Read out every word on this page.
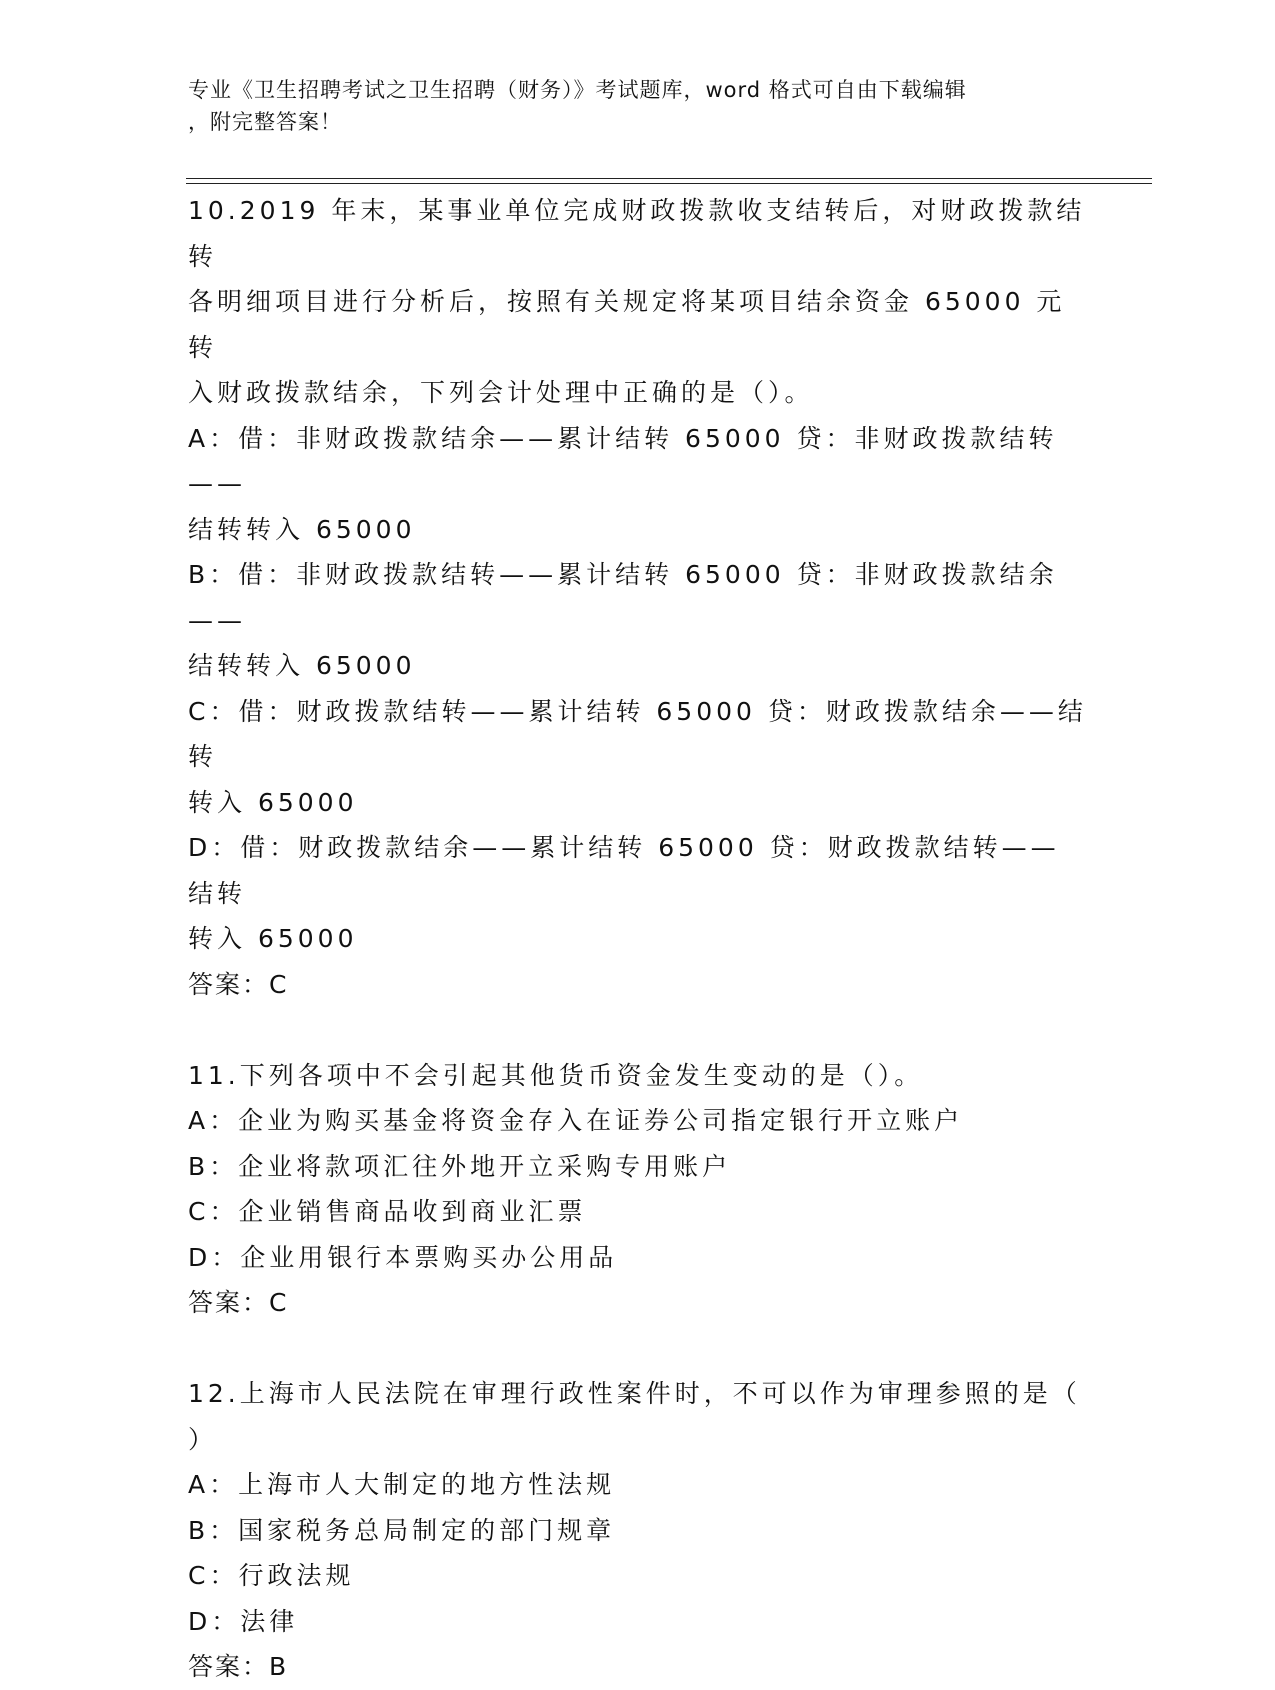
专业《卫生招聘考试之卫生招聘（财务）》考试题库，word 格式可自由下载编辑
，附完整答案！
10.2019 年末，某事业单位完成财政拨款收支结转后，对财政拨款结转
各明细项目进行分析后，按照有关规定将某项目结余资金 65000 元转
入财政拨款结余，下列会计处理中正确的是（）。
A：借：非财政拨款结余——累计结转 65000 贷：非财政拨款结转——
结转转入 65000
B：借：非财政拨款结转——累计结转 65000 贷：非财政拨款结余——
结转转入 65000
C：借：财政拨款结转——累计结转 65000 贷：财政拨款结余——结转
转入 65000
D：借：财政拨款结余——累计结转 65000 贷：财政拨款结转——结转
转入 65000
答案：C
11.下列各项中不会引起其他货币资金发生变动的是（）。
A：企业为购买基金将资金存入在证券公司指定银行开立账户
B：企业将款项汇往外地开立采购专用账户
C：企业销售商品收到商业汇票
D：企业用银行本票购买办公用品
答案：C
12.上海市人民法院在审理行政性案件时，不可以作为审理参照的是（
）
A：上海市人大制定的地方性法规
B：国家税务总局制定的部门规章
C：行政法规
D：法律
答案：B
